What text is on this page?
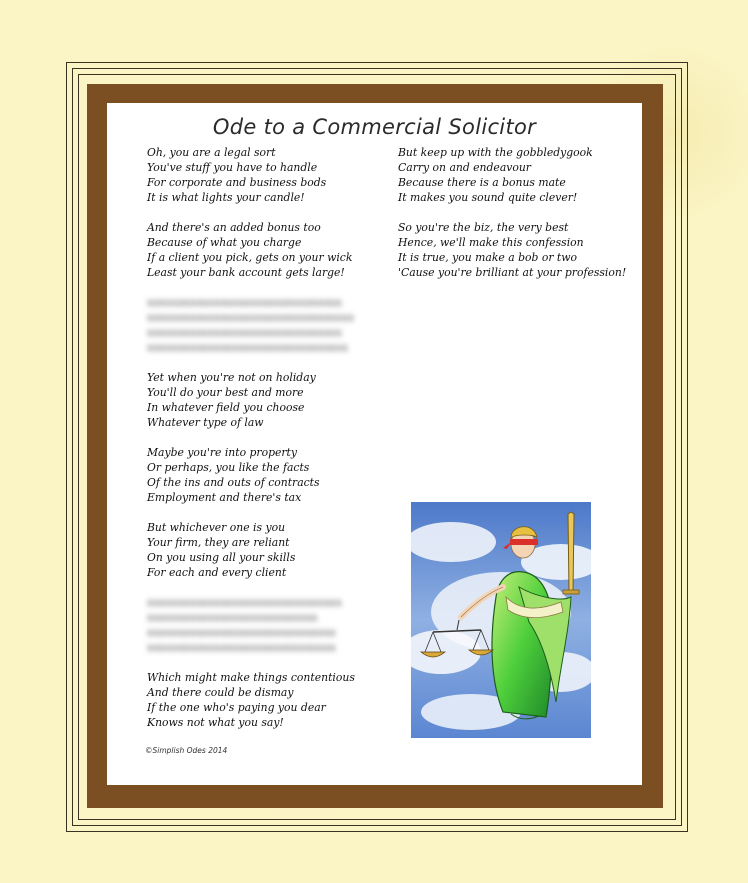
Ode to a Commercial Solicitor
Oh, you are a legal sort
You've stuff you have to handle
For corporate and business bods
It is what lights your candle!
And there's an added bonus too
Because of what you charge
If a client you pick, gets on your wick
Least your bank account gets large!
xxxxxxxxxxxxxxxxxxxxxxxxxxxxxxxx
xxxxxxxxxxxxxxxxxxxxxxxxxxxxxxxxxx
xxxxxxxxxxxxxxxxxxxxxxxxxxxxxxxx
xxxxxxxxxxxxxxxxxxxxxxxxxxxxxxxxx
Yet when you're not on holiday
You'll do your best and more
In whatever field you choose
Whatever type of law
Maybe you're into property
Or perhaps, you like the facts
Of the ins and outs of contracts
Employment and there's tax
But whichever one is you
Your firm, they are reliant
On you using all your skills
For each and every client
xxxxxxxxxxxxxxxxxxxxxxxxxxxxxxxx
xxxxxxxxxxxxxxxxxxxxxxxxxxxx
xxxxxxxxxxxxxxxxxxxxxxxxxxxxxxx
xxxxxxxxxxxxxxxxxxxxxxxxxxxxxxx
Which might make things contentious
And there could be dismay
If the one who's paying you dear
Knows not what you say!
But keep up with the gobbledygook
Carry on and endeavour
Because there is a bonus mate
It makes you sound quite clever!
So you're the biz, the very best
Hence, we'll make this confession
It is true, you make a bob or two
'Cause you're brilliant at your profession!
©Simplish Odes 2014
